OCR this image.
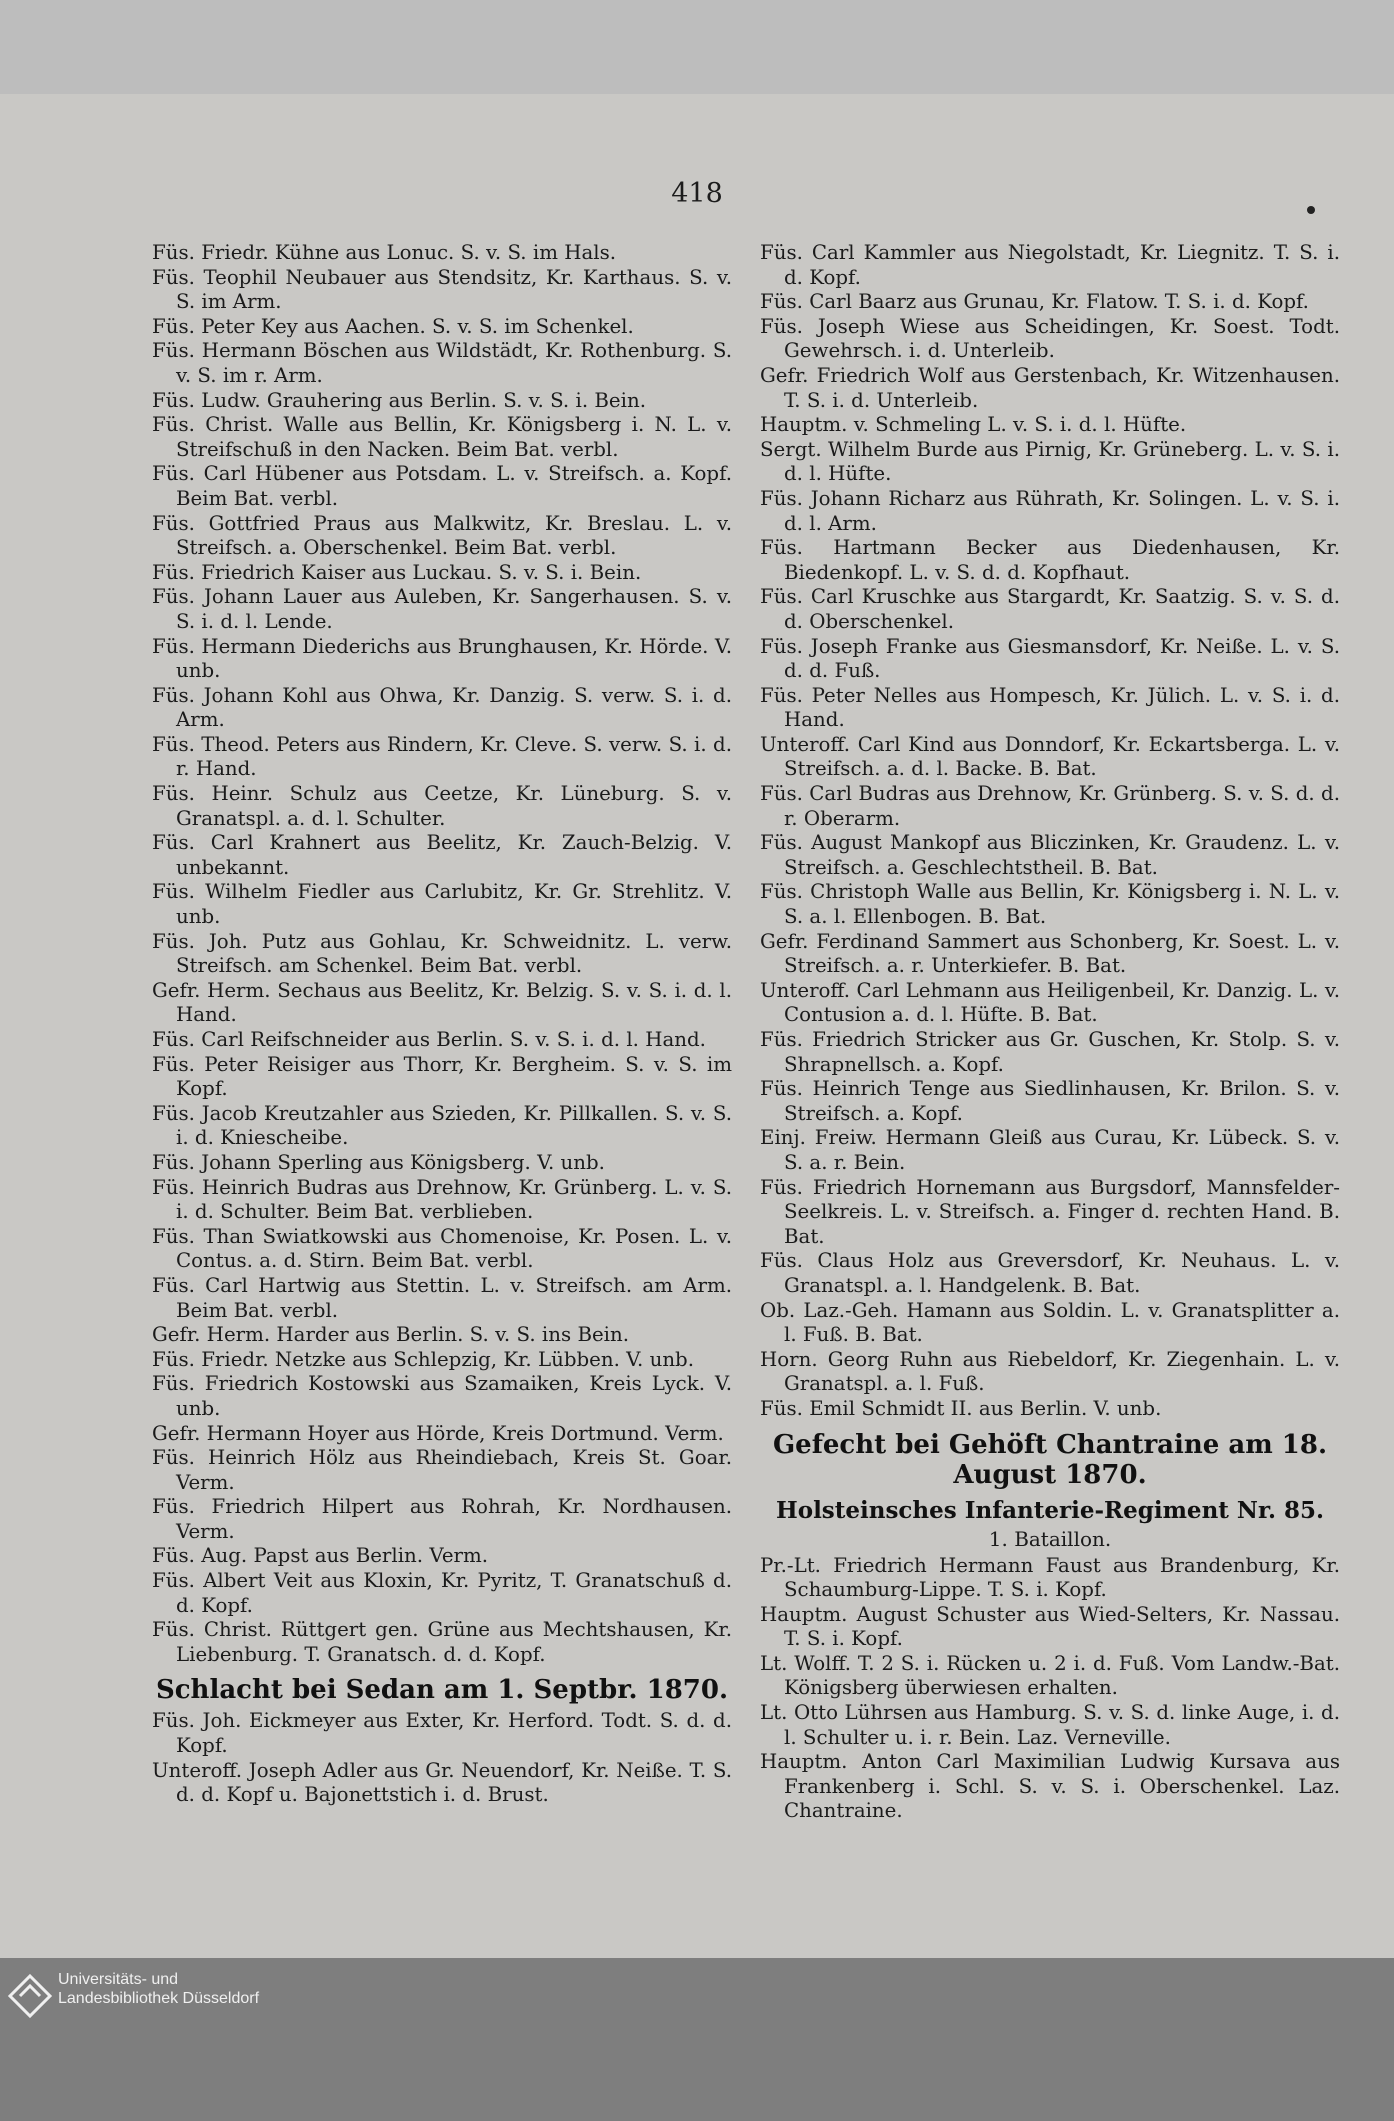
418
Füs. Friedr. Kühne aus Lonuc. S. v. S. im Hals.
Füs. Teophil Neubauer aus Stendsitz, Kr. Karthaus. S. v. S. im Arm.
Füs. Peter Key aus Aachen. S. v. S. im Schenkel.
Füs. Hermann Böschen aus Wildstädt, Kr. Rothenburg. S. v. S. im r. Arm.
Füs. Ludw. Grauhering aus Berlin. S. v. S. i. Bein.
Füs. Christ. Walle aus Bellin, Kr. Königsberg i. N. L. v. Streifschuß in den Nacken. Beim Bat. verbl.
Füs. Carl Hübener aus Potsdam. L. v. Streifsch. a. Kopf. Beim Bat. verbl.
Füs. Gottfried Praus aus Malkwitz, Kr. Breslau. L. v. Streifsch. a. Oberschenkel. Beim Bat. verbl.
Füs. Friedrich Kaiser aus Luckau. S. v. S. i. Bein.
Füs. Johann Lauer aus Auleben, Kr. Sangerhausen. S. v. S. i. d. l. Lende.
Füs. Hermann Diederichs aus Brunghausen, Kr. Hörde. V. unb.
Füs. Johann Kohl aus Ohwa, Kr. Danzig. S. verw. S. i. d. Arm.
Füs. Theod. Peters aus Rindern, Kr. Cleve. S. verw. S. i. d. r. Hand.
Füs. Heinr. Schulz aus Ceetze, Kr. Lüneburg. S. v. Granatspl. a. d. l. Schulter.
Füs. Carl Krahnert aus Beelitz, Kr. Zauch-Belzig. V. unbekannt.
Füs. Wilhelm Fiedler aus Carlubitz, Kr. Gr. Strehlitz. V. unb.
Füs. Joh. Putz aus Gohlau, Kr. Schweidnitz. L. verw. Streifsch. am Schenkel. Beim Bat. verbl.
Gefr. Herm. Sechaus aus Beelitz, Kr. Belzig. S. v. S. i. d. l. Hand.
Füs. Carl Reifschneider aus Berlin. S. v. S. i. d. l. Hand.
Füs. Peter Reisiger aus Thorr, Kr. Bergheim. S. v. S. im Kopf.
Füs. Jacob Kreutzahler aus Szieden, Kr. Pillkallen. S. v. S. i. d. Kniescheibe.
Füs. Johann Sperling aus Königsberg. V. unb.
Füs. Heinrich Budras aus Drehnow, Kr. Grünberg. L. v. S. i. d. Schulter. Beim Bat. verblieben.
Füs. Than Swiatkowski aus Chomenoise, Kr. Posen. L. v. Contus. a. d. Stirn. Beim Bat. verbl.
Füs. Carl Hartwig aus Stettin. L. v. Streifsch. am Arm. Beim Bat. verbl.
Gefr. Herm. Harder aus Berlin. S. v. S. ins Bein.
Füs. Friedr. Netzke aus Schlepzig, Kr. Lübben. V. unb.
Füs. Friedrich Kostowski aus Szamaiken, Kreis Lyck. V. unb.
Gefr. Hermann Hoyer aus Hörde, Kreis Dortmund. Verm.
Füs. Heinrich Hölz aus Rheindiebach, Kreis St. Goar. Verm.
Füs. Friedrich Hilpert aus Rohrah, Kr. Nordhausen. Verm.
Füs. Aug. Papst aus Berlin. Verm.
Füs. Albert Veit aus Kloxin, Kr. Pyritz, T. Granatschuß d. d. Kopf.
Füs. Christ. Rüttgert gen. Grüne aus Mechtshausen, Kr. Liebenburg. T. Granatsch. d. d. Kopf.
Schlacht bei Sedan am 1. Septbr. 1870.
Füs. Joh. Eickmeyer aus Exter, Kr. Herford. Todt. S. d. d. Kopf.
Unteroff. Joseph Adler aus Gr. Neuendorf, Kr. Neiße. T. S. d. d. Kopf u. Bajonettstich i. d. Brust.
Füs. Carl Kammler aus Niegolstadt, Kr. Liegnitz. T. S. i. d. Kopf.
Füs. Carl Baarz aus Grunau, Kr. Flatow. T. S. i. d. Kopf.
Füs. Joseph Wiese aus Scheidingen, Kr. Soest. Todt. Gewehrsch. i. d. Unterleib.
Gefr. Friedrich Wolf aus Gerstenbach, Kr. Witzenhausen. T. S. i. d. Unterleib.
Hauptm. v. Schmeling L. v. S. i. d. l. Hüfte.
Sergt. Wilhelm Burde aus Pirnig, Kr. Grüneberg. L. v. S. i. d. l. Hüfte.
Füs. Johann Richarz aus Rührath, Kr. Solingen. L. v. S. i. d. l. Arm.
Füs. Hartmann Becker aus Diedenhausen, Kr. Biedenkopf. L. v. S. d. d. Kopfhaut.
Füs. Carl Kruschke aus Stargardt, Kr. Saatzig. S. v. S. d. d. Oberschenkel.
Füs. Joseph Franke aus Giesmansdorf, Kr. Neiße. L. v. S. d. d. Fuß.
Füs. Peter Nelles aus Hompesch, Kr. Jülich. L. v. S. i. d. Hand.
Unteroff. Carl Kind aus Donndorf, Kr. Eckartsberga. L. v. Streifsch. a. d. l. Backe. B. Bat.
Füs. Carl Budras aus Drehnow, Kr. Grünberg. S. v. S. d. d. r. Oberarm.
Füs. August Mankopf aus Bliczinken, Kr. Graudenz. L. v. Streifsch. a. Geschlechtstheil. B. Bat.
Füs. Christoph Walle aus Bellin, Kr. Königsberg i. N. L. v. S. a. l. Ellenbogen. B. Bat.
Gefr. Ferdinand Sammert aus Schonberg, Kr. Soest. L. v. Streifsch. a. r. Unterkiefer. B. Bat.
Unteroff. Carl Lehmann aus Heiligenbeil, Kr. Danzig. L. v. Contusion a. d. l. Hüfte. B. Bat.
Füs. Friedrich Stricker aus Gr. Guschen, Kr. Stolp. S. v. Shrapnellsch. a. Kopf.
Füs. Heinrich Tenge aus Siedlinhausen, Kr. Brilon. S. v. Streifsch. a. Kopf.
Einj. Freiw. Hermann Gleiß aus Curau, Kr. Lübeck. S. v. S. a. r. Bein.
Füs. Friedrich Hornemann aus Burgsdorf, Mannsfelder-Seelkreis. L. v. Streifsch. a. Finger d. rechten Hand. B. Bat.
Füs. Claus Holz aus Greversdorf, Kr. Neuhaus. L. v. Granatspl. a. l. Handgelenk. B. Bat.
Ob. Laz.-Geh. Hamann aus Soldin. L. v. Granatsplitter a. l. Fuß. B. Bat.
Horn. Georg Ruhn aus Riebeldorf, Kr. Ziegenhain. L. v. Granatspl. a. l. Fuß.
Füs. Emil Schmidt II. aus Berlin. V. unb.
Gefecht bei Gehöft Chantraine am 18. August 1870.
Holsteinsches Infanterie-Regiment Nr. 85.
1. Bataillon.
Pr.-Lt. Friedrich Hermann Faust aus Brandenburg, Kr. Schaumburg-Lippe. T. S. i. Kopf.
Hauptm. August Schuster aus Wied-Selters, Kr. Nassau. T. S. i. Kopf.
Lt. Wolff. T. 2 S. i. Rücken u. 2 i. d. Fuß. Vom Landw.-Bat. Königsberg überwiesen erhalten.
Lt. Otto Lührsen aus Hamburg. S. v. S. d. linke Auge, i. d. l. Schulter u. i. r. Bein. Laz. Verneville.
Hauptm. Anton Carl Maximilian Ludwig Kursava aus Frankenberg i. Schl. S. v. S. i. Oberschenkel. Laz. Chantraine.
Universitäts- und
Landesbibliothek Düsseldorf
